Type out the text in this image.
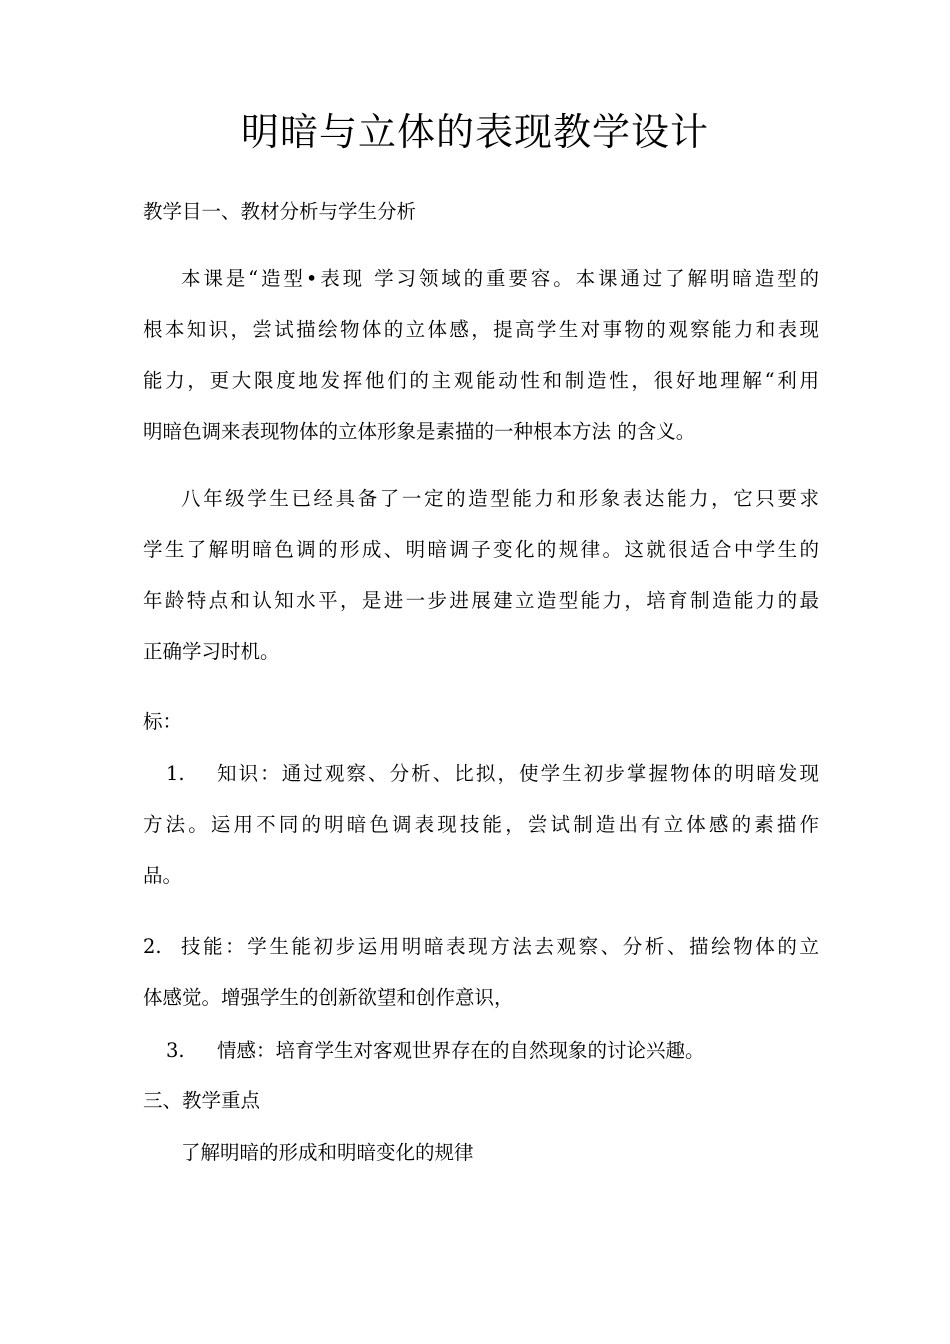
明暗与立体的表现教学设计
教学目一、教材分析与学生分析
本课是“造型•表现 学习领域的重要容。本课通过了解明暗造型的
根本知识，尝试描绘物体的立体感，提高学生对事物的观察能力和表现
能力，更大限度地发挥他们的主观能动性和制造性，很好地理解“利用
明暗色调来表现物体的立体形象是素描的一种根本方法 的含义。
八年级学生已经具备了一定的造型能力和形象表达能力，它只要求
学生了解明暗色调的形成、明暗调子变化的规律。这就很适合中学生的
年龄特点和认知水平，是进一步进展建立造型能力，培育制造能力的最
正确学习时机。
标：
1.	知识：通过观察、分析、比拟，使学生初步掌握物体的明暗发现
方法。运用不同的明暗色调表现技能，尝试制造出有立体感的素描作
品。
2. 技能：学生能初步运用明暗表现方法去观察、分析、描绘物体的立
体感觉。增强学生的创新欲望和创作意识，
3.	情感：培育学生对客观世界存在的自然现象的讨论兴趣。
三、教学重点
了解明暗的形成和明暗变化的规律
